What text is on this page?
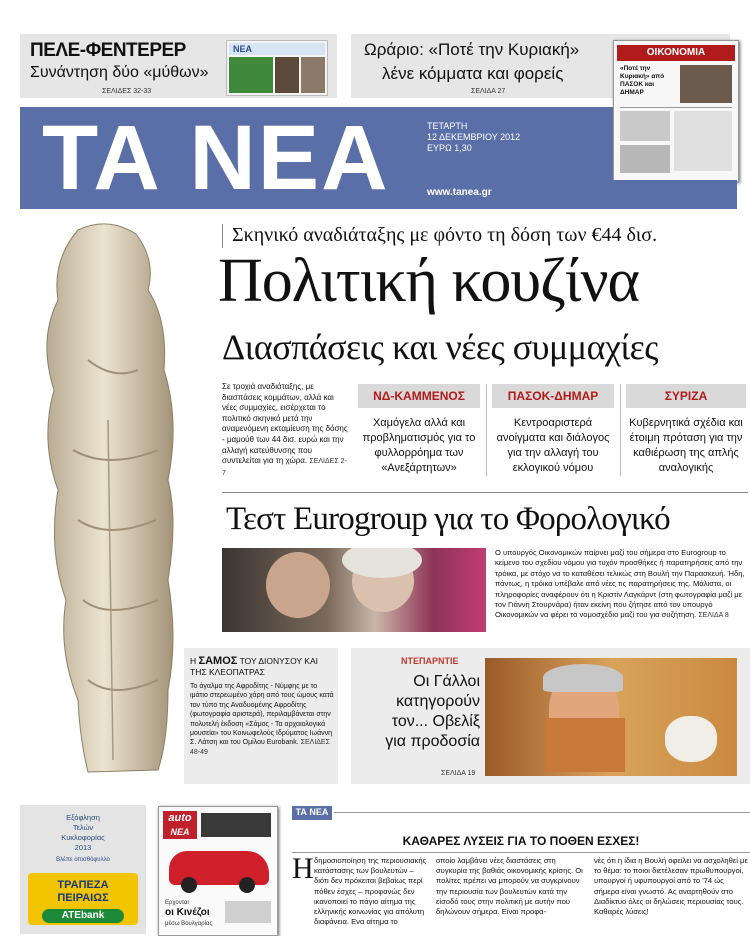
ΠΕΛΕ-ΦΕΝΤΕΡΕΡ
Συνάντηση δύο «μύθων»
ΣΕΛΙΔΕΣ 32-33
ΝΕΑ	Ωράριο: «Ποτέ την Κυριακή»
λένε κόμματα και φορείς
ΣΕΛΙΔΑ 27
ΟΙΚΟΝΟΜΙΑ
«Ποτέ την Κυριακή» από ΠΑΣΟΚ και ΔΗΜΑΡ
ΤΑ ΝΕΑ	ΤΕΤΑΡΤΗ
12 ΔΕΚΕΜΒΡΙΟΥ 2012
ΕΥΡΩ 1,30
www.tanea.gr
Σκηνικό αναδιάταξης με φόντο τη δόση των €44 δισ.
Πολιτική κουζίνα
Διασπάσεις και νέες συμμαχίες
Σε τροχιά αναδιάταξης, με διασπάσεις κομμάτων, αλλά και νέες συμμαχίες, εισέρχεται το πολιτικό σκηνικό μετά την αναμενόμενη εκταμίευση της δόσης - μαμούθ των 44 δισ. ευρώ και την αλλαγή κατεύθυνσης που συντελείται για τη χώρα. ΣΕΛΙΔΕΣ 2-7
ΝΔ-ΚΑΜΜΕΝΟΣ
Χαμόγελα αλλά και προβληματισμός για το φυλλορρόημα των «Ανεξάρτητων»
ΠΑΣΟΚ-ΔΗΜΑΡ
Κεντροαριστερά ανοίγματα και διάλογος για την αλλαγή του εκλογικού νόμου
ΣΥΡΙΖΑ
Κυβερνητικά σχέδια και έτοιμη πρόταση για την καθιέρωση της απλής αναλογικής
Τεστ Eurogroup για το Φορολογικό
Ο υπουργός Οικονομικών παίρνει μαζί του σήμερα στο Eurogroup το κείμενο του σχεδίου νόμου για τυχόν προσθήκες ή παρατηρήσεις από την τρόικα, με στόχο να το καταθέσει τελικώς στη Βουλή την Παρασκευή. Ήδη, πάντως, η τρόικα υπέβαλε από νέες τις παρατηρήσεις της. Μάλιστα, οι πληροφορίες αναφέρουν ότι η Κριστίν Λαγκάρντ (στη φωτογραφία μαζί με τον Γιάννη Στουρνάρα) ήταν εκείνη που ζήτησε από τον υπουργό Οικονομικών να φέρει το νομοσχέδιο μαζί του για συζήτηση. ΣΕΛΙΔΑ 8
Η ΣΑΜΟΣ ΤΟΥ ΔΙΟΝΥΣΟΥ ΚΑΙ ΤΗΣ ΚΛΕΟΠΑΤΡΑΣ
Το άγαλμα της Αφροδίτης - Νύμφης με το ιμάτιο στερεωμένο χάρη από τους ώμους κατά τον τύπο της Αναδυομένης Αφροδίτης (φωτογραφία αριστερά), περιλαμβάνεται στην πολυτελή έκδοση «Σάμος - Τα αρχαιολογικά μουσεία» του Κοινωφελούς Ιδρύματος Ιωάννη Σ. Λάτση και του Ομίλου Eurobank. ΣΕΛΙΔΕΣ 48-49
ΝΤΕΠΑΡΝΤΙΕ
Οι Γάλλοι
κατηγορούν
τον... Οβελίξ
για προδοσία
ΣΕΛΙΔΑ 19
Εξόφληση
Τελών
Κυκλοφορίας
2013
Βλέπε οπισθόφυλλο
ΤΡΑΠΕΖΑ
ΠΕΙΡΑΙΩΣ
ATEbank
auto
ΝΕΑ
Ερχονται
οι Κινέζοι
μέσω Βουλγαρίας
ΤΑ ΝΕΑ
ΚΑΘΑΡΕΣ ΛΥΣΕΙΣ ΓΙΑ ΤΟ ΠΟΘΕΝ ΕΣΧΕΣ!
Η δημοσιοποίηση της περιουσιακής κατάστασης των βουλευτών – διότι δεν πρόκειται βεβαίως περί πόθεν έσχες – προφανώς δεν ικανοποιεί το πάγιο αίτημα της ελληνικής κοινωνίας για απόλυτη διαφάνεια. Ενα αίτημα το
οποίο λαμβάνει νέες διαστάσεις στη συγκυρία της βαθιάς οικονομικής κρίσης. Οι πολίτες πρέπει να μπορούν να συγκρίνουν την περιουσία των βουλευτών κατά την είσοδό τους στην πολιτική με αυτήν που δηλώνουν σήμερα. Είναι προφα-
νές ότι η ίδια η Βουλή οφείλει να ασχοληθεί με το θέμα: το ποιοι διετέλεσαν πρωθυπουργοί, υπουργοί ή υφυπουργοί από το '74 ώς σήμερα είναι γνωστό. Ας αναρτηθούν στο Διαδίκτυο όλες οι δηλώσεις περιουσίας τους. Καθαρές λύσεις!
